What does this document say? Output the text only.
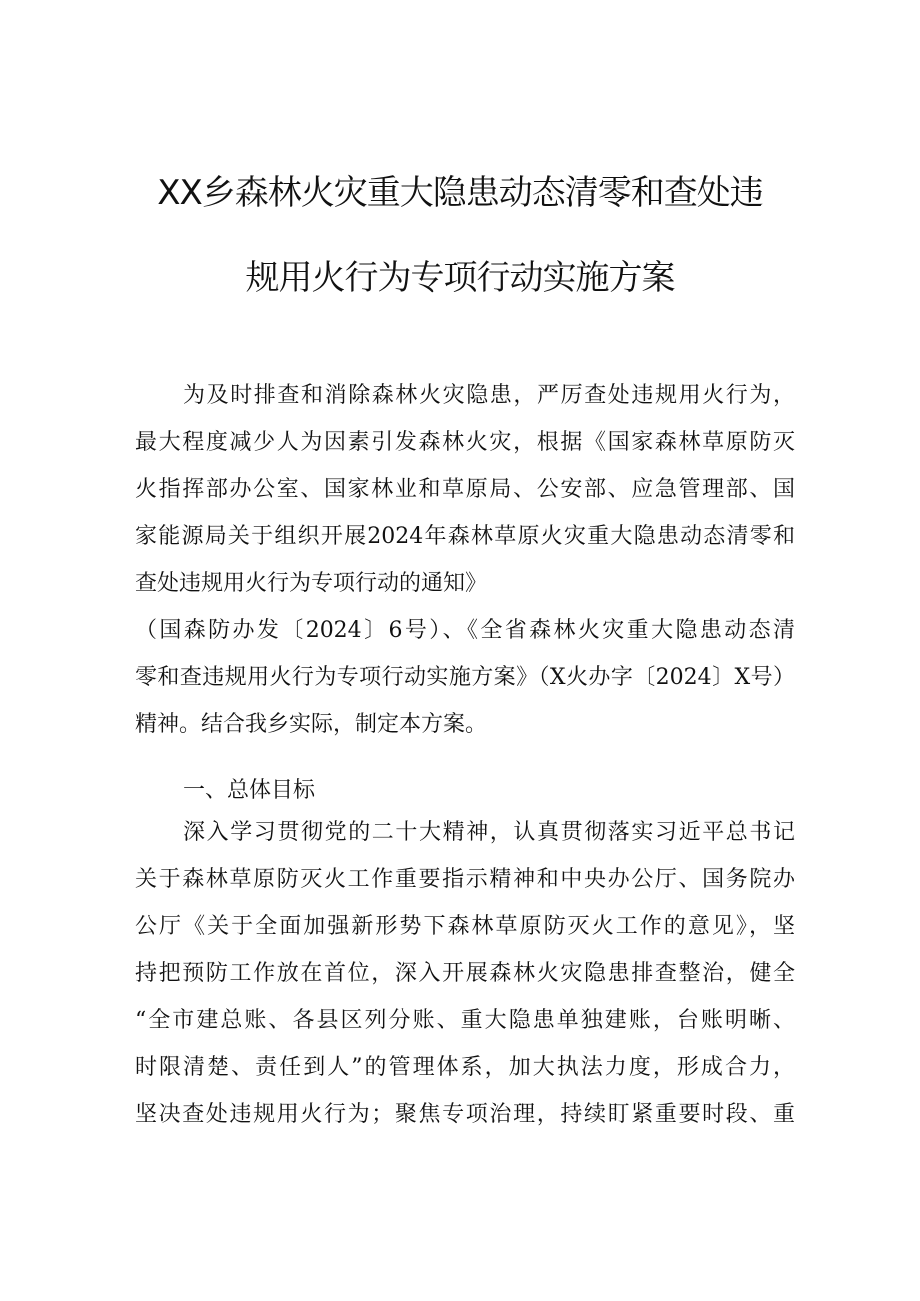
XX乡森林火灾重大隐患动态清零和查处违
规用火行为专项行动实施方案
为及时排查和消除森林火灾隐患，严厉查处违规用火行为，
最大程度减少人为因素引发森林火灾，根据《国家森林草原防灭
火指挥部办公室、国家林业和草原局、公安部、应急管理部、国
家能源局关于组织开展2024年森林草原火灾重大隐患动态清零和
查处违规用火行为专项行动的通知》
（国森防办发〔2024〕6号）、《全省森林火灾重大隐患动态清
零和查违规用火行为专项行动实施方案》（X火办字〔2024〕X号）
精神。结合我乡实际，制定本方案。
一、总体目标
深入学习贯彻党的二十大精神，认真贯彻落实习近平总书记
关于森林草原防灭火工作重要指示精神和中央办公厅、国务院办
公厅《关于全面加强新形势下森林草原防灭火工作的意见》，坚
持把预防工作放在首位，深入开展森林火灾隐患排查整治，健全
“全市建总账、各县区列分账、重大隐患单独建账，台账明晰、
时限清楚、责任到人”的管理体系，加大执法力度，形成合力，
坚决查处违规用火行为；聚焦专项治理，持续盯紧重要时段、重
